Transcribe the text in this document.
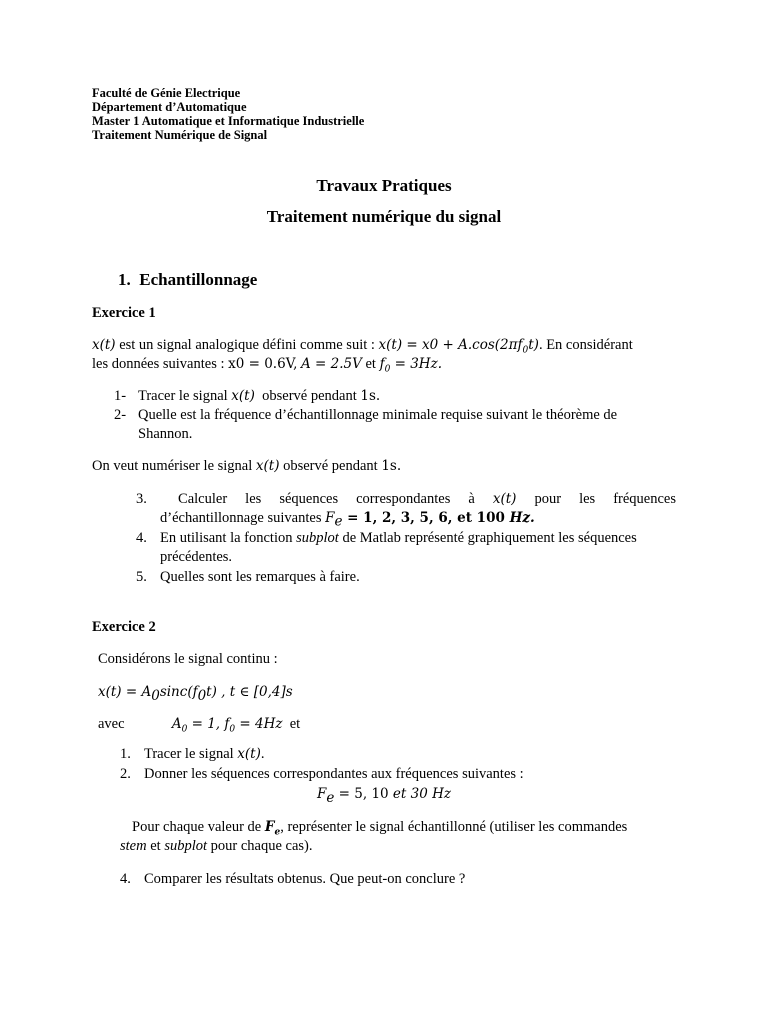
Faculté de Génie Electrique
Département d’Automatique
Master 1 Automatique et Informatique Industrielle
Traitement Numérique de Signal
Travaux Pratiques
Traitement numérique du signal
1. Echantillonnage
Exercice 1
x(t) est un signal analogique défini comme suit : $x(t) = x0 + A.\cos(2\pi f_0t)$. En considérant
les données suivantes : x0 = 0.6V, A = 2.5V et $f_0 = 3Hz$.
1- Tracer le signal x(t) observé pendant 1s.
2- Quelle est la fréquence d’échantillonnage minimale requise suivant le théorème de
Shannon.
On veut numériser le signal x(t) observé pendant 1s.
3. Calculer les séquences correspondantes à x(t) pour les fréquences
d’échantillonnage suivantes $F_e = 1$, 2, 3, 5, 6, et 100 Hz.
4. En utilisant la fonction subplot de Matlab représenté graphiquement les séquences
précédentes.
5. Quelles sont les remarques à faire.
Exercice 2
Considérons le signal continu :
$x(t) = A_0\sin c(f_0t)$ , t ∈ [0,4]s
avec	$A_0 = 1$, $f_0 = 4Hz$ et
1. Tracer le signal x(t).
2. Donner les séquences correspondantes aux fréquences suivantes :
$F_e = 5$, 10 et 30 Hz
Pour chaque valeur de $F_e$, représenter le signal échantillonné (utiliser les commandes
stem et subplot pour chaque cas).
4. Comparer les résultats obtenus. Que peut-on conclure ?
